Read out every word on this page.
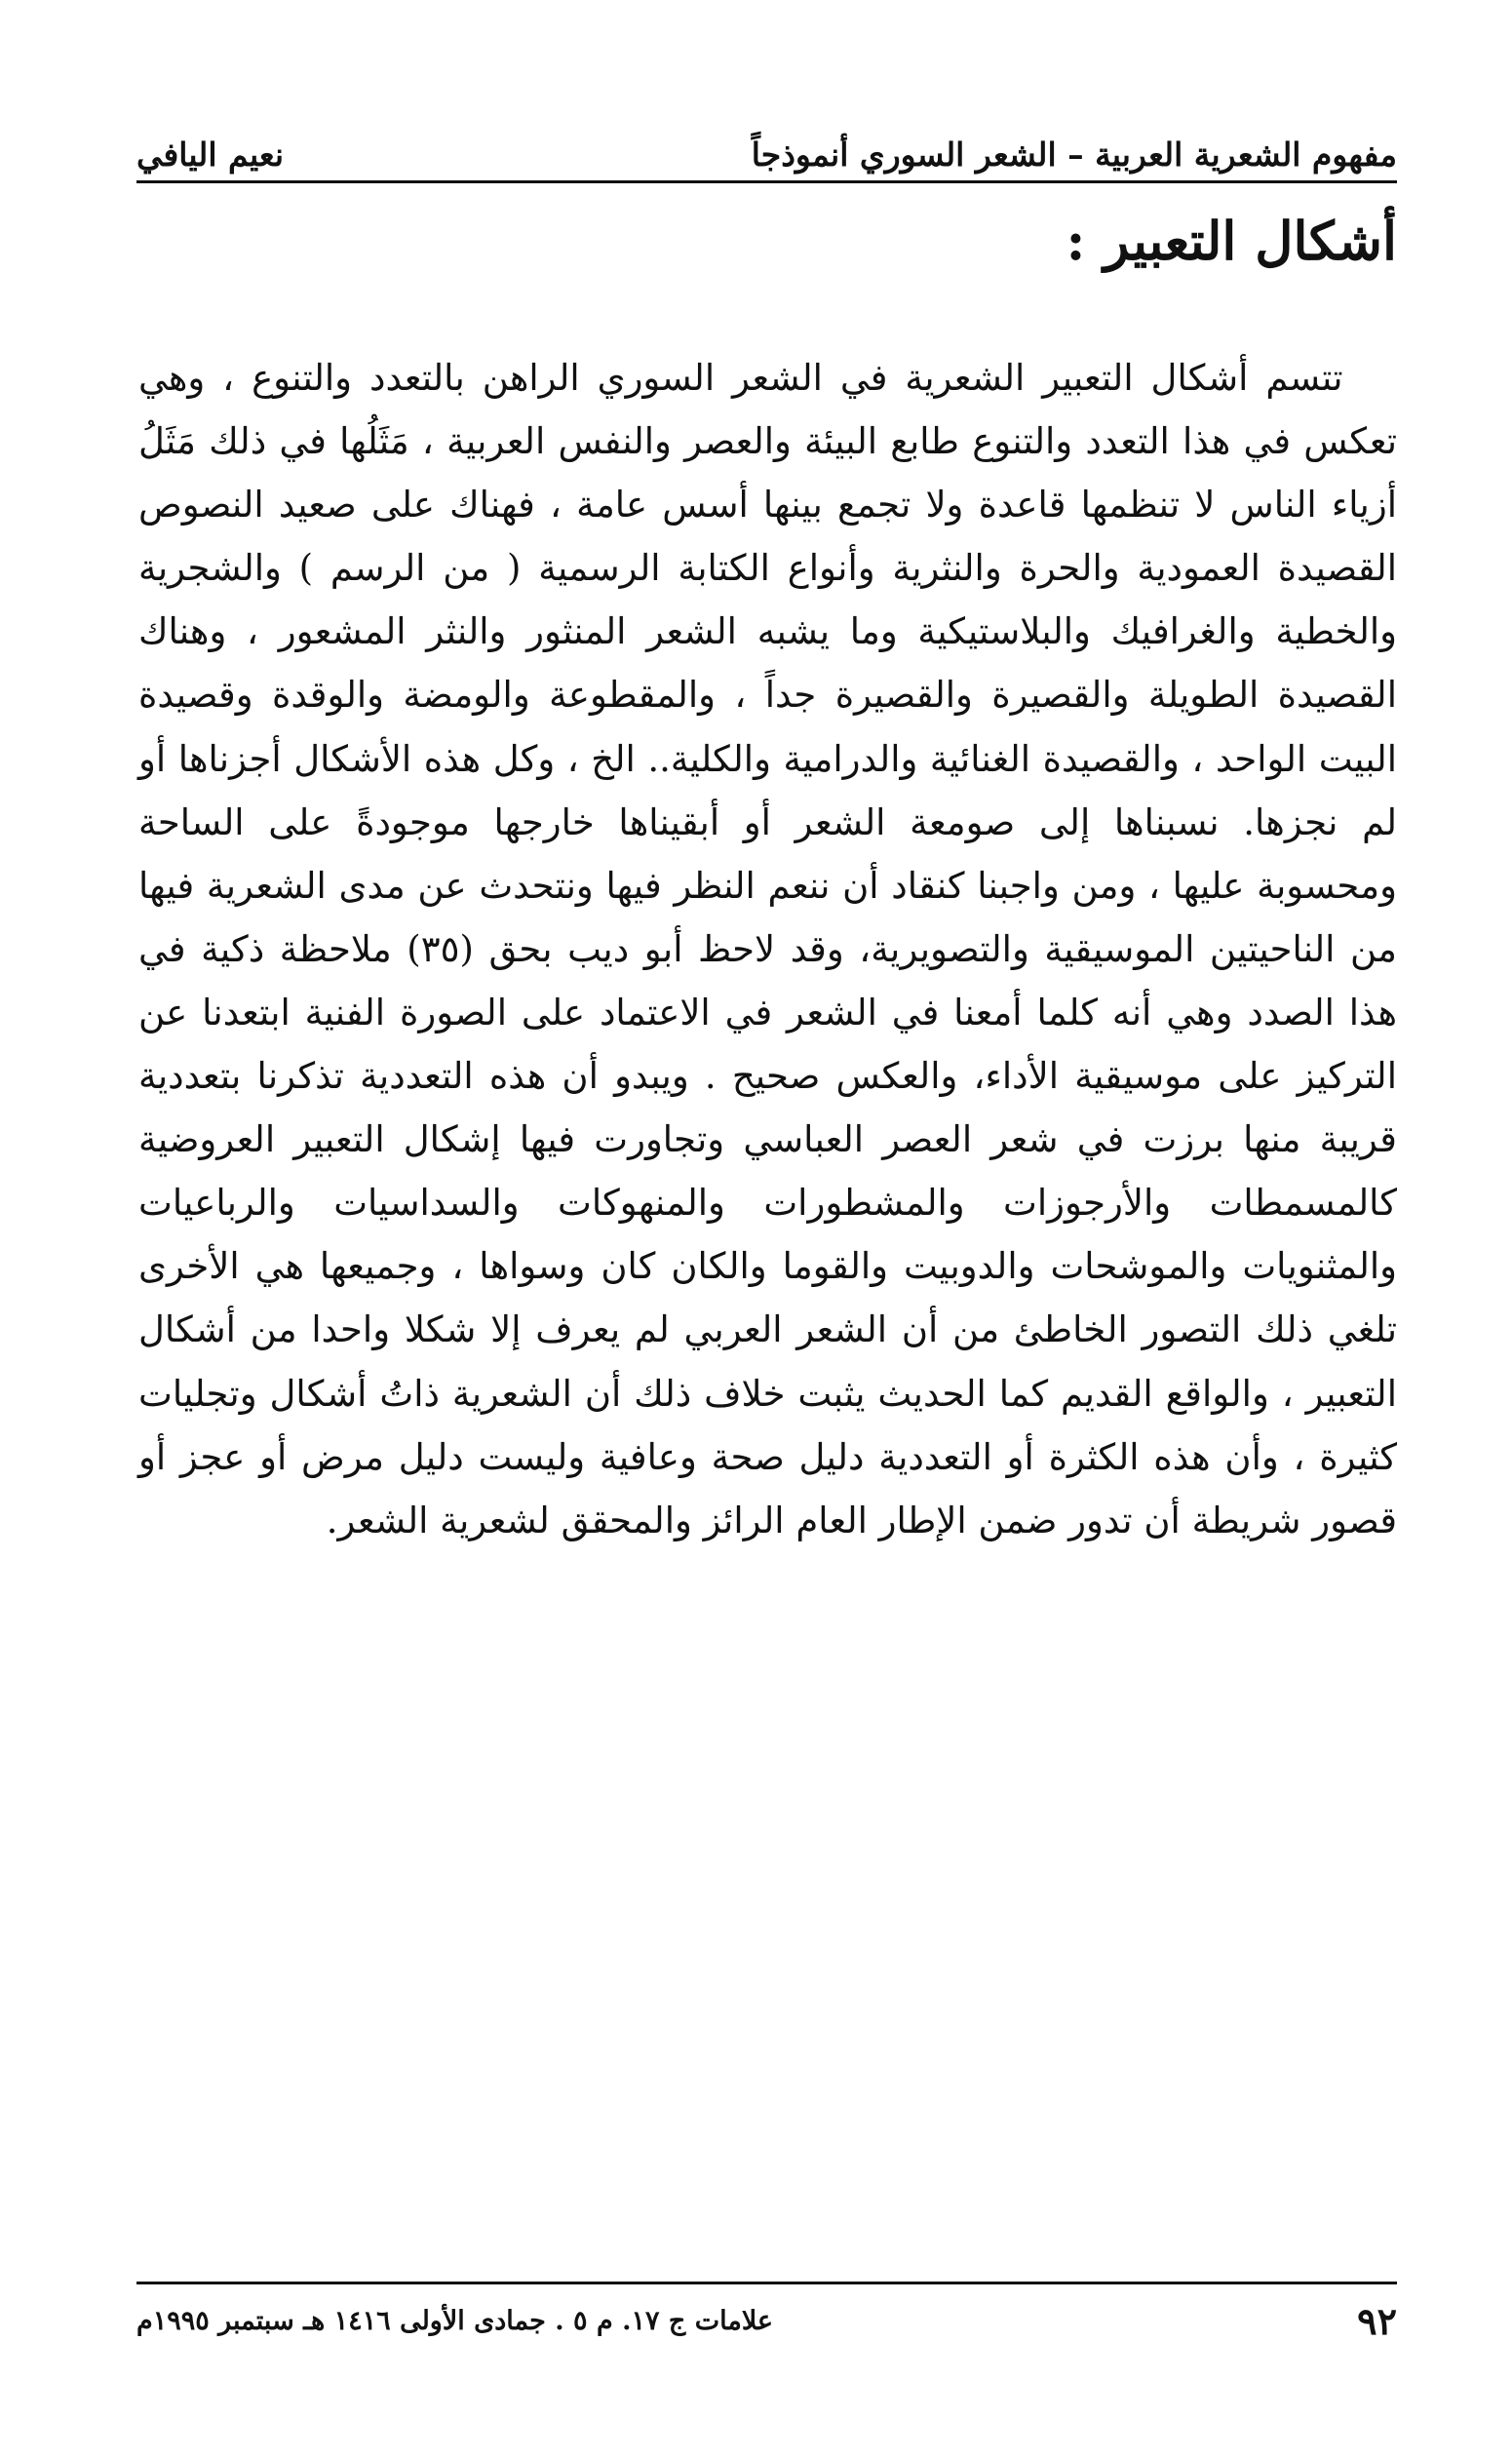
مفهوم الشعرية العربية – الشعر السوري أنموذجاً
نعيم اليافي
أشكال التعبير :

تتسم أشكال التعبير الشعرية في الشعر السوري الراهن بالتعدد والتنوع ، وهي تعكس في هذا التعدد والتنوع طابع البيئة والعصر والنفس العربية ، مَثَلُها في ذلك مَثَلُ أزياء الناس لا تنظمها قاعدة ولا تجمع بينها أسس عامة ، فهناك على صعيد النصوص القصيدة العمودية والحرة والنثرية وأنواع الكتابة الرسمية ( من الرسم ) والشجرية والخطية والغرافيك والبلاستيكية وما يشبه الشعر المنثور والنثر المشعور ، وهناك القصيدة الطويلة والقصيرة والقصيرة جداً ، والمقطوعة والومضة والوقدة وقصيدة البيت الواحد ، والقصيدة الغنائية والدرامية والكلية.. الخ ، وكل هذه الأشكال أجزناها أو لم نجزها. نسبناها إلى صومعة الشعر أو أبقيناها خارجها موجودةً على الساحة ومحسوبة عليها ، ومن واجبنا كنقاد أن ننعم النظر فيها ونتحدث عن مدى الشعرية فيها من الناحيتين الموسيقية والتصويرية، وقد لاحظ أبو ديب بحق (٣٥) ملاحظة ذكية في هذا الصدد وهي أنه كلما أمعنا في الشعر في الاعتماد على الصورة الفنية ابتعدنا عن التركيز على موسيقية الأداء، والعكس صحيح . ويبدو أن هذه التعددية تذكرنا بتعددية قريبة منها برزت في شعر العصر العباسي وتجاورت فيها إشكال التعبير العروضية كالمسمطات والأرجوزات والمشطورات والمنهوكات والسداسيات والرباعيات والمثنويات والموشحات والدوبيت والقوما والكان كان وسواها ، وجميعها هي الأخرى تلغي ذلك التصور الخاطئ من أن الشعر العربي لم يعرف إلا شكلا واحدا من أشكال التعبير ، والواقع القديم كما الحديث يثبت خلاف ذلك أن الشعرية ذاتُ أشكال وتجليات كثيرة ، وأن هذه الكثرة أو التعددية دليل صحة وعافية وليست دليل مرض أو عجز أو قصور شريطة أن تدور ضمن الإطار العام الرائز والمحقق لشعرية الشعر.

٩٢
علامات ج ١٧. م ٥ . جمادى الأولى ١٤١٦ هـ سبتمبر ١٩٩٥م
